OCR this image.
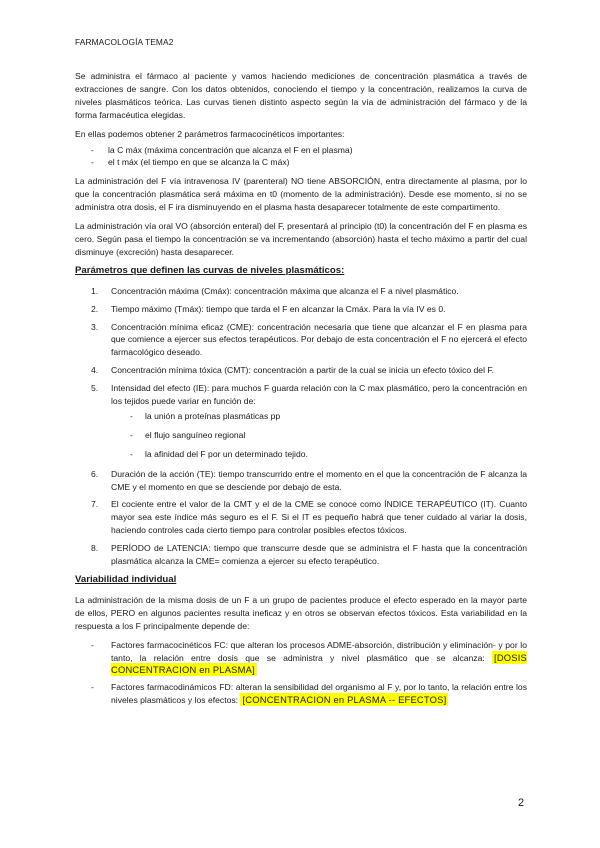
FARMACOLOGÍA TEMA2

Se administra el fármaco al paciente y vamos haciendo mediciones de concentración plasmática a través de extracciones de sangre. Con los datos obtenidos, conociendo el tiempo y la concentración, realizamos la curva de niveles plasmáticos teórica. Las curvas tienen distinto aspecto según la vía de administración del fármaco y de la forma farmacéutica elegidas.

En ellas podemos obtener 2 parámetros farmacocinéticos importantes:

- la C máx (máxima concentración que alcanza el F en el plasma)
- el t máx (el tiempo en que se alcanza la C máx)

La administración del F vía intravenosa IV (parenteral) NO tiene ABSORCIÓN, entra directamente al plasma, por lo que la concentración plasmática será máxima en t0 (momento de la administración). Desde ese momento, si no se administra otra dosis, el F ira disminuyendo en el plasma hasta desaparecer totalmente de este compartimento.

La administración vía oral VO (absorción enteral) del F, presentará al principio (t0) la concentración del F en plasma es cero. Según pasa el tiempo la concentración se va incrementando (absorción) hasta el techo máximo a partir del cual disminuye (excreción) hasta desaparecer.

Parámetros que definen las curvas de niveles plasmáticos:
1. Concentración máxima (Cmáx): concentración máxima que alcanza el F a nivel plasmático.
2. Tiempo máximo (Tmáx): tiempo que tarda el F en alcanzar la Cmáx. Para la vía IV es 0.
3. Concentración mínima eficaz (CME): concentración necesaria que tiene que alcanzar el F en plasma para que comience a ejercer sus efectos terapéuticos. Por debajo de esta concentración el F no ejercerá el efecto farmacológico deseado.
4. Concentración mínima tóxica (CMT): concentración a partir de la cual se inicia un efecto tóxico del F.
5. Intensidad del efecto (IE): para muchos F guarda relación con la C max plasmático, pero la concentración en los tejidos puede variar en función de:
- la unión a proteínas plasmáticas pp
- el flujo sanguíneo regional
- la afinidad del F por un determinado tejido.
6. Duración de la acción (TE): tiempo transcurrido entre el momento en el que la concentración de F alcanza la CME y el momento en que se desciende por debajo de esta.
7. El cociente entre el valor de la CMT y el de la CME se conoce como ÍNDICE TERAPÉUTICO (IT). Cuanto mayor sea este índice más seguro es el F. Si el IT es pequeño habrá que tener cuidado al variar la dosis, haciendo controles cada cierto tiempo para controlar posibles efectos tóxicos.
8. PERÍODO de LATENCIA: tiempo que transcurre desde que se administra el F hasta que la concentración plasmática alcanza la CME= comienza a ejercer su efecto terapéutico.
Variabilidad individual

La administración de la misma dosis de un F a un grupo de pacientes produce el efecto esperado en la mayor parte de ellos, PERO en algunos pacientes resulta ineficaz y en otros se observan efectos tóxicos. Esta variabilidad en la respuesta a los F principalmente depende de:

- Factores farmacocinéticos FC: que alteran los procesos ADME-absorción, distribución y eliminación- y por lo tanto, la relación entre dosis que se administra y nivel plasmático que se alcanza: [DOSIS CONCENTRACION en PLASMA]
- Factores farmacodinámicos FD: alteran la sensibilidad del organismo al F y, por lo tanto, la relación entre los niveles plasmáticos y los efectos: [CONCENTRACION en PLASMA -- EFECTOS]
2
